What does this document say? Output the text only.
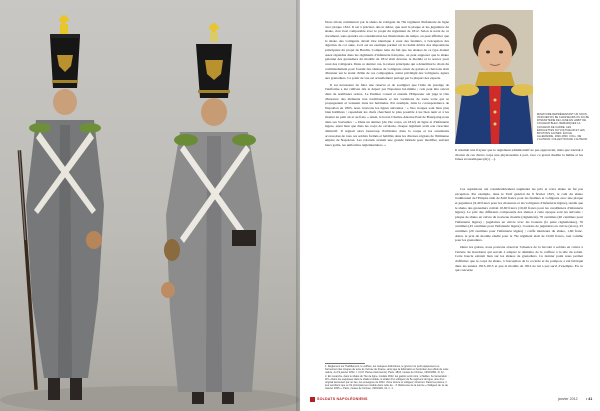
Nous allons commencer par le shako de voltigeur du 79e régiment d'infanterie de ligne avec plaque 1812. Il est à préciser, dès le début, que seul la plaque et les jugulaires du shako, rien n'est comparable avec le projet du règlement de 1812. Selon le texte de ce document, sans prendre en considération les illustrations du temps, on peut affirmer que le shako des voltigeurs devait être identique à ceux des fusiliers, à l'exception des aigrettes de cor aune. Ceci est un exemple parlant où la réalité dérive des dispositions principales du projet de Bardin. Compte tenu du fait que les shakos de ce type étaient assez répandus dans les régiments d'infanterie française, on peut supposer que le shako gaionné des grenadiers du modèle de 1812 était devenu, le modèle et la source pour ceux des voltigeurs. Dans ce dernier cas, la raison principale qui a déterminé le choix du commandement pour fournir des shakos de voltigeurs ornés de galons et chevrons était d'insister sur le statut d'élite de ces compagnies, statut privilégié des voltigeurs, égaux aux grenadiers. Ce point de vue est actuellement partagé par la plupart des experts.

Il est nécessaire de faire une réserve et de souligner que l'idée du prestige de l'uniforme a été cultivée dès le départ par Napoléon lui-même ; cela peut être relevé dans de nombreux ordres. Le Premier consul et ensuite l'Empereur ont jugé le rôle d'instance des éléments non traditionnels et des variations de toute sorte qui se propageaient et venaient dans les habitudes. Par exemple, dans la correspondance de Napoléon en 1805, nous trouvons les lignes suivantes : « Nos troupes sont bien plus bien habillées ; cependant les chefs cherchent le plus possible à les bien tenir et à les monter au petit air et au frais. » Ainsi, le baron Charles-Antoine Paul de Bourgoing nous dans ses Souvenirs : « Dans un dernier (du 19e corps, en 1812) de ligne et d'infanterie légère, aussi bien que dans les corps de cavalerie, chaque régiment avait son caractère distinctif. Il régnait alors beaucoup d'arbitraire dans la coupe et les ornements accessoires de tous ces soldats formés et habillés dans les diverses régions de l'immense empire de Napoléon. Les colonels avaient une grande latitude pour modifier, suivant leurs goûts, les uniformes réglementaires. »

1. Règlement sur l'habillement, le coiffure, les marques distinctives, le grand et le petit équipement ou l'armement des troupes de terre de l'armée de France, ainsi que la fabrication et l'entretien des effets de cette nature, du 19 janvier 1812, t. 4 (Cf. Pièces documents). Paris, 1812, musée de l'Armée, 1931/1951, ill. 12.
2. En revanche, dans le shako du 72e de ligne, modèle 1812, les galons sont noirs, si fiables. 3e Génération : 4/3 « Dans les esquisses dans le shako-modèle, le shako d'un voltigeur du 5e régiment de ligne, issu d'un original découvert par un lieu, les enseignes de 1812. d'une dorure et voltigeur, Gramont. Dans les pièces, il leur semblent que ce fût principale les modèle dans celle de... 3. Référence de la source « Voltigeur de 1e de Janvier 1815 », Paris, musée de l'Armée, 1931/194, 12, n. 1.
MINIATURE REPRÉSENTANT UN SOUS-OFFICIER DU 8E CHASSEURS OU DU 8E D'INFANTERIE DE LIGNE EN HABIT DE COULEUR BLEU. REMARQUEZ LA COULEUR DE CADRE, LES ÉPAULETTES DU VOLTIGEUR ET LES BOUTONS JAUNES. ÉCOLE ALLEMANDE, 1820-1830. COLL. DE L'AUTEUR. COLLECTION DE L'AUTEUR.

Il résultait une frayeur que le règlement administratif ne pas approuvait, mais que tolérait à chacun de ces divers corps une physionomie à part, avec ce grand chemin la même et les brises économiques (m) (…).

Ces aspirations ont considérablement augmenté les prix et votre shako ne fut pas exception. Par exemple, dans le Tarif général du 8 février 1815, le coût du shako traditionnel de l'Empire était de 8,60 francs pour les fusiliers et voltigeurs avec une plaque et jugulaires (9,40 francs pour les chasseurs et les voltigeurs d'infanterie légère), tandis que le shako des grenadiers coûtait 10,60 francs (10,20 francs pour les caraibiniers d'infanterie légère). Le prix des différents composants des shakos à cette époque sont les suivants : plaque de shako en cuivre du nouveau modèle (règlement), 70 centimes (40 centimes pour l'infanterie légère) ; jugulaires en cuivre avec les boutons (la paire réglementée), 70 centimes (45 centimes pour l'infanterie légère) ; boutons de jugulaires en cuivre (alors), 25 centimes (20 centimes pour l'infanterie légère) ; coiffe intérieure du shako, 1,60 franc. Ainsi, le prix du modèle étudié pour le 79e régiment était de 10,60 francs, tout comme pour les grenadiers.

Outre les galons, nous pouvons observer l'absence de la bavolet à soldats en cuivre à l'arrière du bourdalou qui servait à adapter le diamètre de la coiffure à la tête du soldat. Cette boucle existait bien sur les shakos de grenadiers. Ce dernier point nous permet d'affirmer que le corps du shako, à l'exception de la cocarde et du pompon, a été fabriqué dans les années 1813-1815 et que le modèle de 1812 ne lui a pas servi d'exemple. En ce qui concerne

SOLDATS NAPOLÉONIENS	janvier 2012 • 41
